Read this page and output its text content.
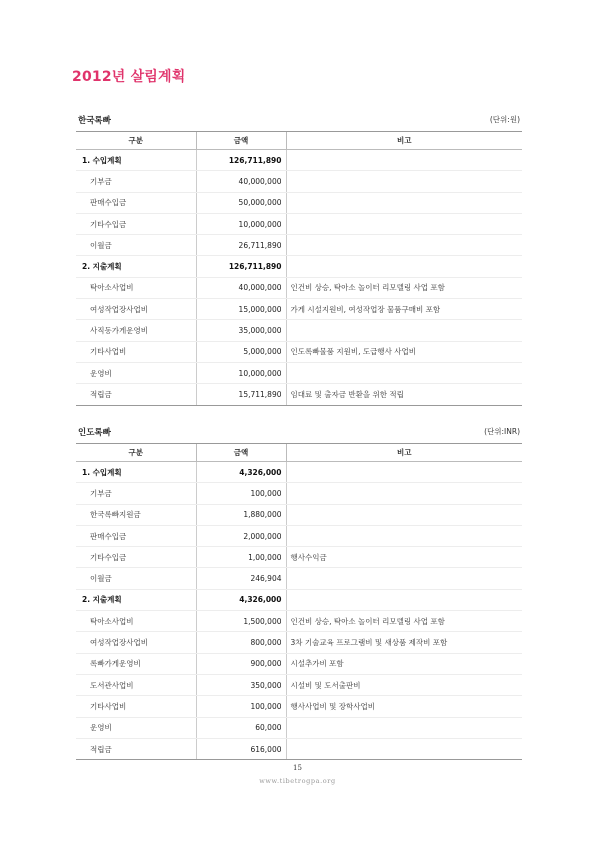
2012년 살림계획
한국록빠	(단위:원)
구분	금액	비고
1. 수입계획	126,711,890	
기부금	40,000,000	
판매수입금	50,000,000	
기타수입금	10,000,000	
이월금	26,711,890	
2. 지출계획	126,711,890	
탁아소사업비	40,000,000	인건비 상승, 탁아소 놀이터 리모델링 사업 포함
여성작업장사업비	15,000,000	가게 시설지원비, 여성작업장 물품구매비 포함
사직동가게운영비	35,000,000	
기타사업비	5,000,000	인도록빠물품 지원비, 도급행사 사업비
운영비	10,000,000	
적립금	15,711,890	임대료 및 출자금 반환을 위한 적립
인도록빠	(단위:INR)
구분	금액	비고
1. 수입계획	4,326,000	
기부금	100,000	
한국록빠지원금	1,880,000	
판매수입금	2,000,000	
기타수입금	1,00,000	행사수익금
이월금	246,904	
2. 지출계획	4,326,000	
탁아소사업비	1,500,000	인건비 상승, 탁아소 놀이터 리모델링 사업 포함
여성작업장사업비	800,000	3차 기술교육 프로그램비 및 새상품 제작비 포함
록빠가게운영비	900,000	시설추가비 포함
도서관사업비	350,000	시설비 및 도서출판비
기타사업비	100,000	행사사업비 및 장학사업비
운영비	60,000	
적립금	616,000	
15
www.tibetrogpa.org
